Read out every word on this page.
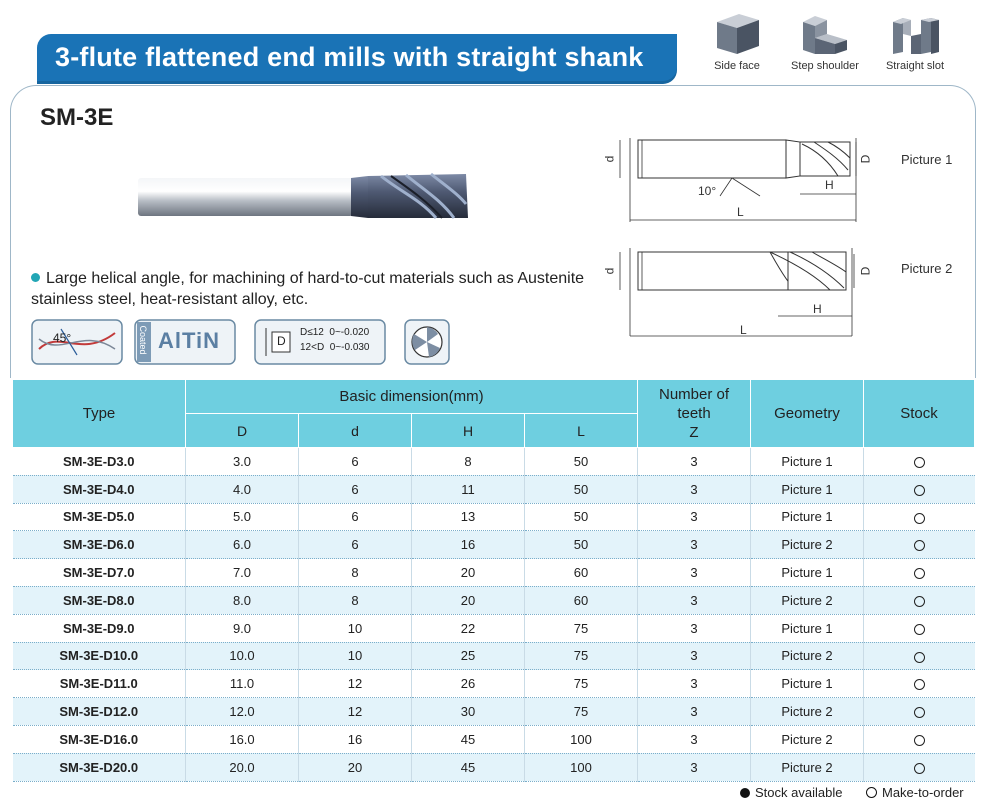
3-flute flattened end mills with straight shank	Side face	Step shoulder	Straight slot
SM-3E
Large helical angle, for machining of hard-to-cut materials such as Austenite stainless steel, heat-resistant alloy, etc.
45°	Coated AlTiN	D
D≤12  0~-0.020
12<D  0~-0.030
d	D
H
10°
L
Picture 1
d	D
H
L
Picture 2
Type	Basic dimension(mm)				Number of
teeth
Z	Geometry	Stock
	D	d	H	L			
SM-3E-D3.0	3.0	6	8	50	3	Picture 1	
SM-3E-D4.0	4.0	6	11	50	3	Picture 1	
SM-3E-D5.0	5.0	6	13	50	3	Picture 1	
SM-3E-D6.0	6.0	6	16	50	3	Picture 2	
SM-3E-D7.0	7.0	8	20	60	3	Picture 1	
SM-3E-D8.0	8.0	8	20	60	3	Picture 2	
SM-3E-D9.0	9.0	10	22	75	3	Picture 1	
SM-3E-D10.0	10.0	10	25	75	3	Picture 2	
SM-3E-D11.0	11.0	12	26	75	3	Picture 1	
SM-3E-D12.0	12.0	12	30	75	3	Picture 2	
SM-3E-D16.0	16.0	16	45	100	3	Picture 2	
SM-3E-D20.0	20.0	20	45	100	3	Picture 2	
Stock available	Make-to-order
